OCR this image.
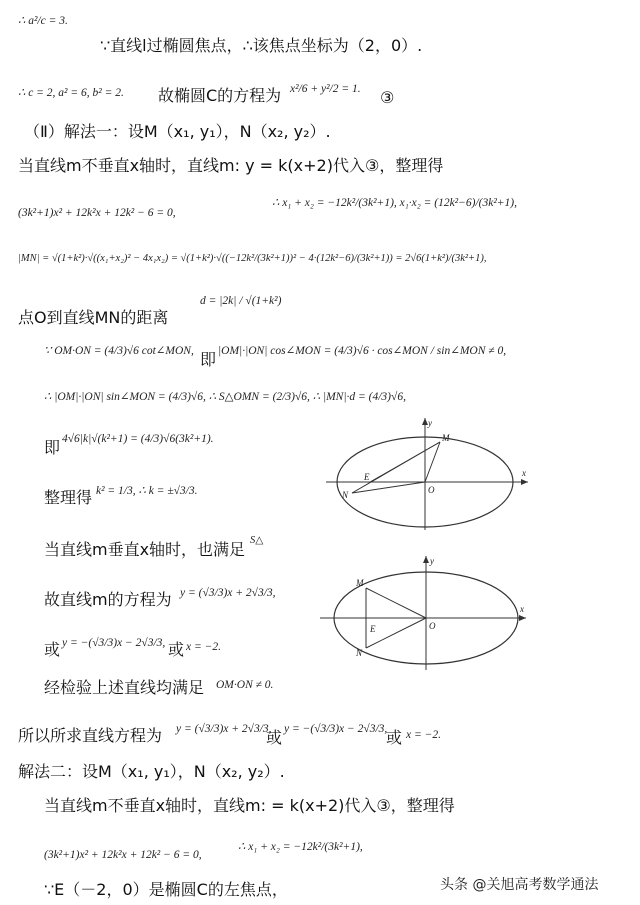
∴ a²/c = 3.
∵直线l过椭圆焦点，∴该焦点坐标为（2，0）.
∴ c = 2, a² = 6, b² = 2. 故椭圆C的方程为 x²/6 + y²/2 = 1. ③
（Ⅱ）解法一：设M（x₁, y₁），N（x₂, y₂）.
当直线m不垂直x轴时，直线m: y = k(x+2)代入③，整理得
(3k²+1)x² + 12k²x + 12k² − 6 = 0,
∴ x₁ + x₂ = −12k²/(3k²+1), x₁·x₂ = (12k²−6)/(3k²+1),
|MN| = √(1+k²)·√((x₁+x₂)² − 4x₁x₂) = √(1+k²)·√((−12k²/(3k²+1))² − 4·(12k²−6)/(3k²+1)) = 2√6(1+k²)/(3k²+1),
点O到直线MN的距离
d = |2k| / √(1+k²)
∵ OM·ON = (4/3)√6 cot∠MON, 即 |OM|·|ON| cos∠MON = (4/3)√6 · cos∠MON / sin∠MON ≠ 0,
∴ |OM|·|ON| sin∠MON = (4/3)√6, ∴ S△OMN = (2/3)√6, ∴ |MN|·d = (4/3)√6,
即 4√6|k|√(k²+1) = (4/3)√6(3k²+1).
整理得 k² = 1/3, ∴ k = ±√3/3.
当直线m垂直x轴时，也满足 S△
故直线m的方程为 y = (√3/3)x + 2√3/3,
或 y = −(√3/3)x − 2√3/3, 或 x = −2.
经检验上述直线均满足 OM·ON ≠ 0.
所以所求直线方程为 y = (√3/3)x + 2√3/3,
或 y = −(√3/3)x − 2√3/3,
或 x = −2.
解法二：设M（x₁, y₁），N（x₂, y₂）.
当直线m不垂直x轴时，直线m: = k(x+2)代入③，整理得
(3k²+1)x² + 12k²x + 12k² − 6 = 0,
∴ x₁ + x₂ = −12k²/(3k²+1),
∵E（－2，0）是椭圆C的左焦点，
y
M
E
N	O
x
y
M
E
N
O
x
头条 @关旭高考数学通法
